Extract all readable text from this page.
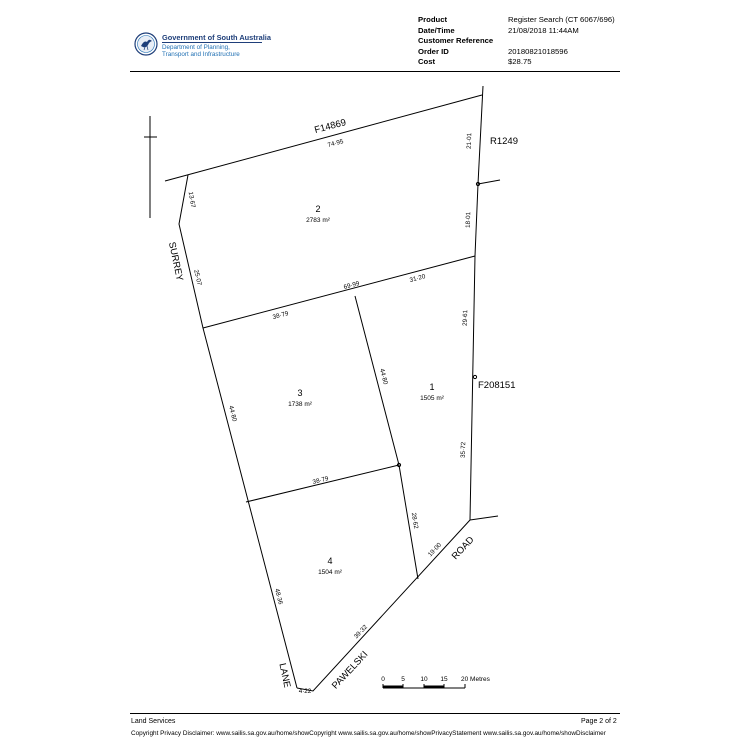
Government of South Australia
Department of Planning,
Transport and Infrastructure
Product	Register Search (CT 6067/696)
Date/Time	21/08/2018 11:44AM
Customer Reference
Order ID	20180821018596
Cost	$28.75
F14869
R1249
F208151
SURREY
LANE	PAWELSKI
ROAD
2
2783 m²
3
1738 m²
1
1505 m²
4
1504 m²
74·95	21·01
18·01
13·67
25·07	69·99
31·20
38·79	29·61
44·80
44·80
35·72
38·79
28·62
19·00
48·36
39·32
4·22
0	5 10 15 20 Metres
Land Services	Page 2 of 2
Copyright Privacy Disclaimer: www.sailis.sa.gov.au/home/showCopyright www.sailis.sa.gov.au/home/showPrivacyStatement www.sailis.sa.gov.au/home/showDisclaimer
